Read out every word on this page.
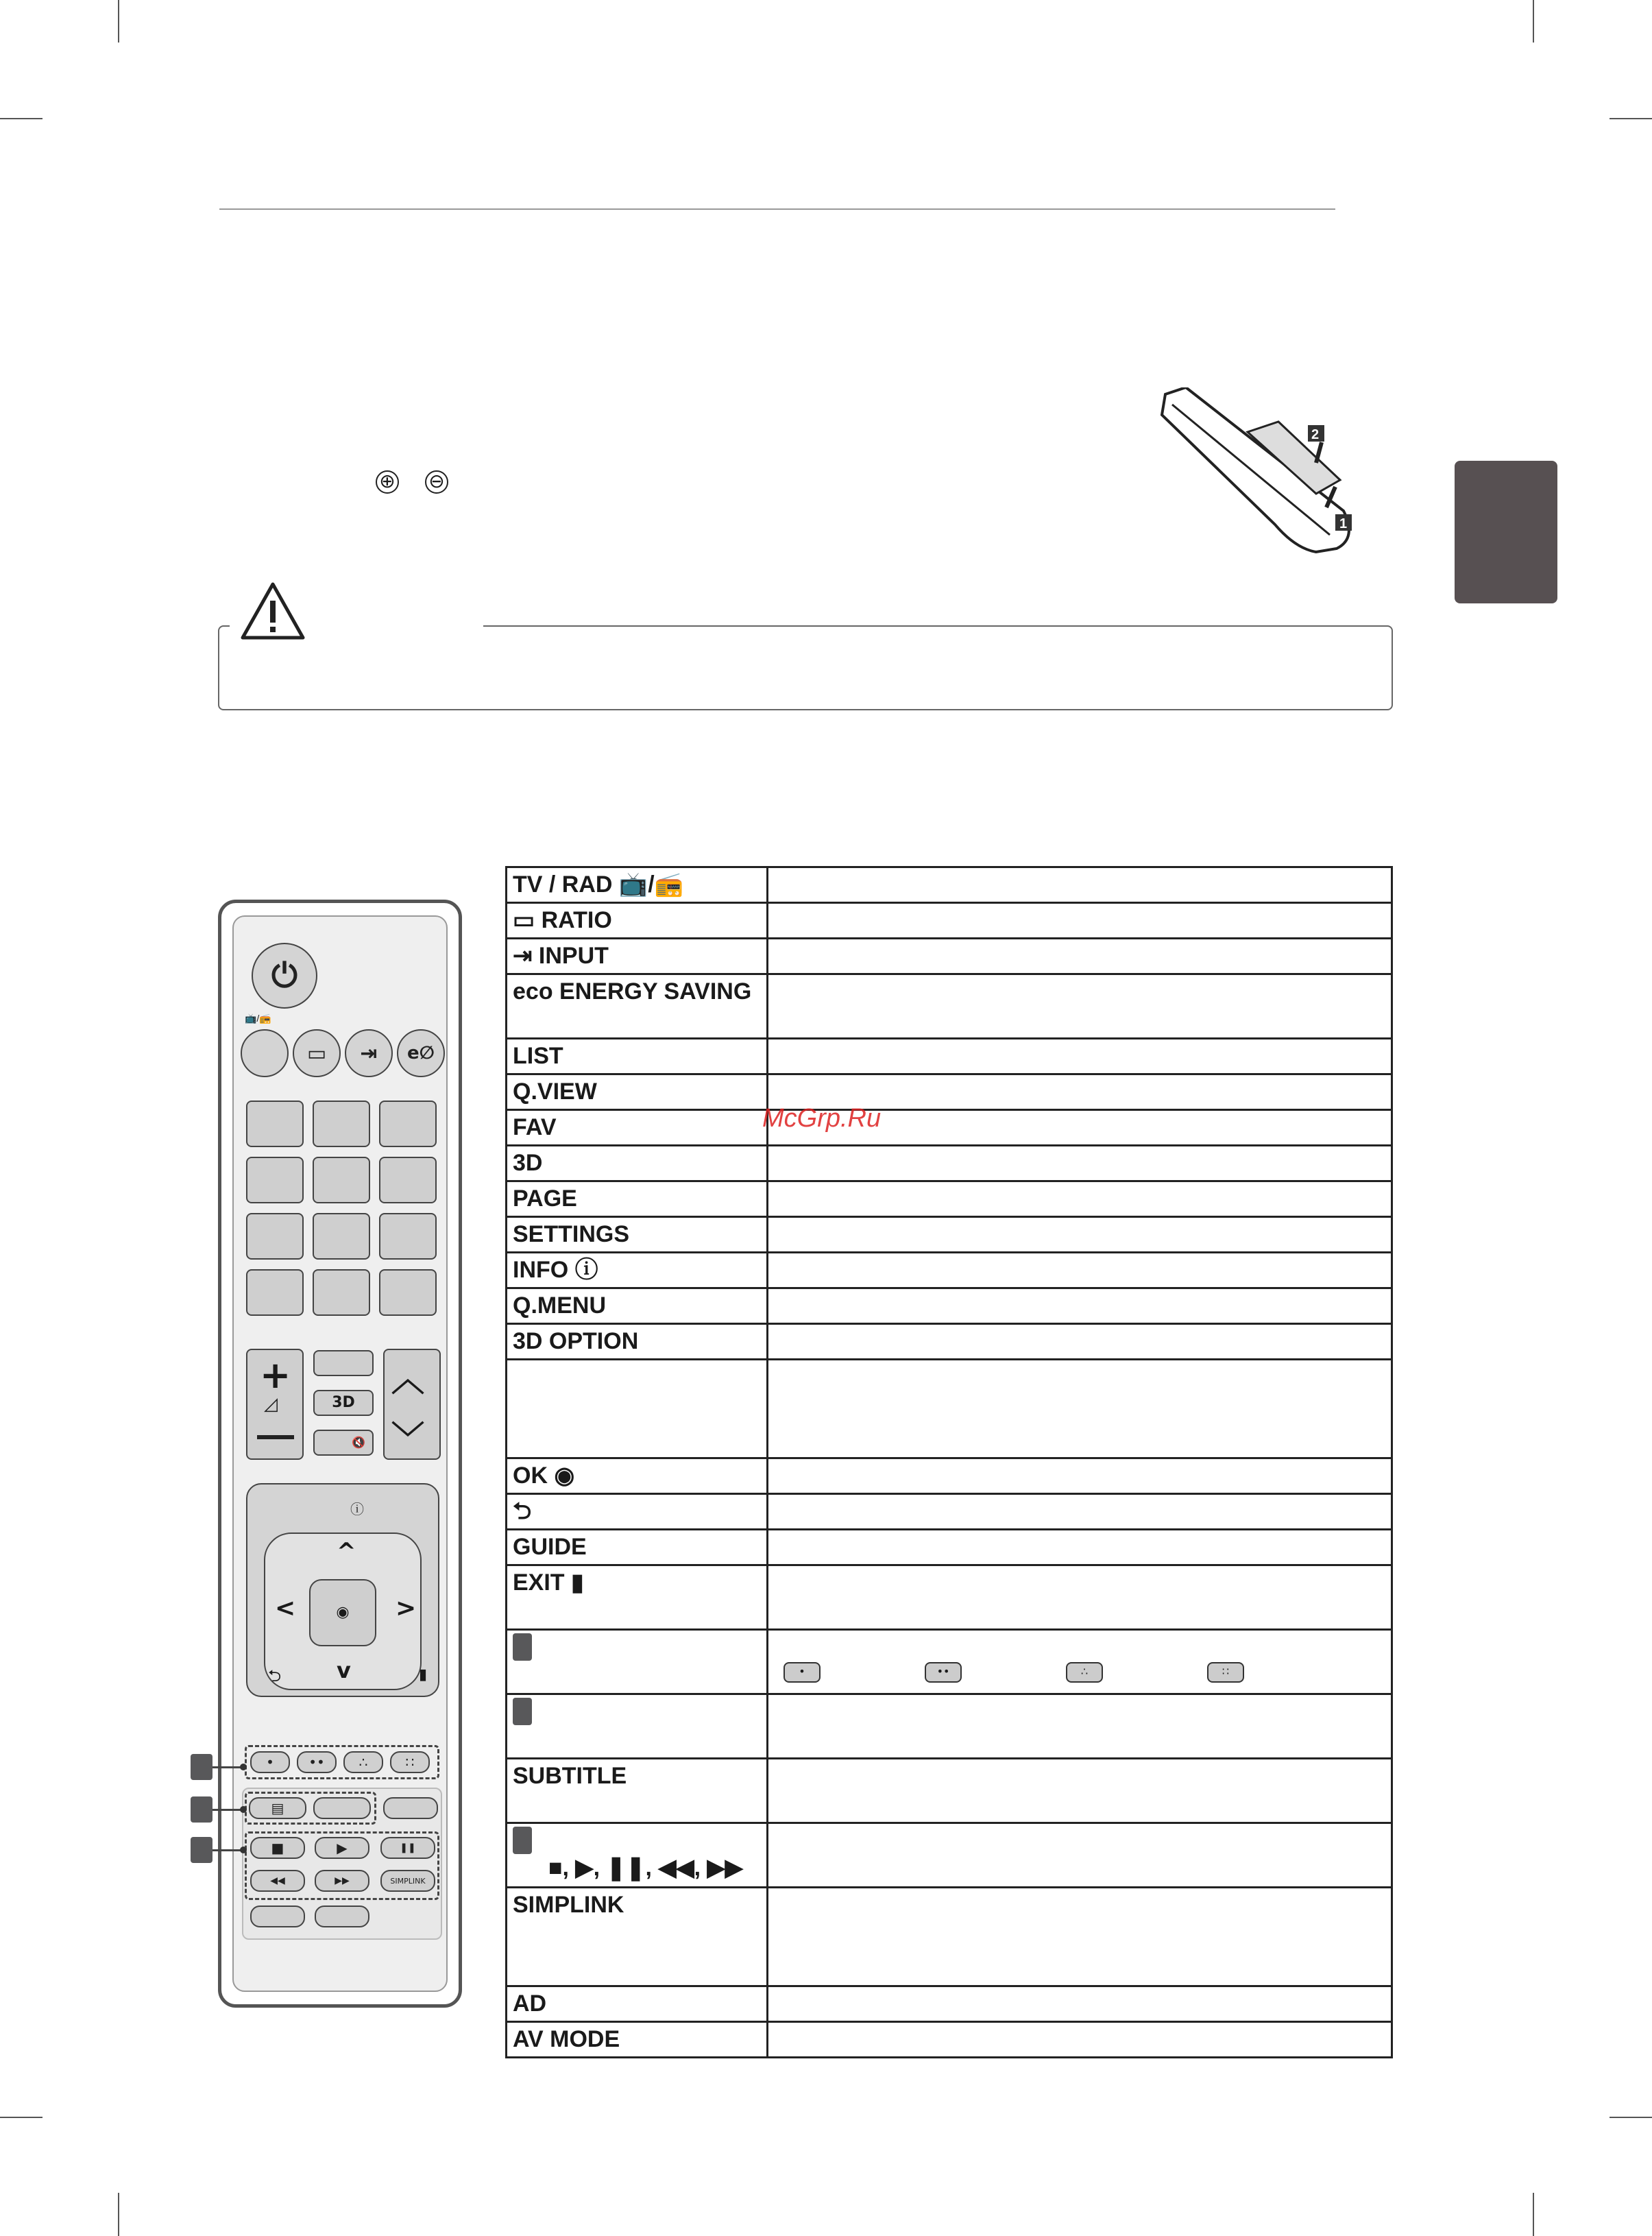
⊕ ⊖
2
1
⏻
📺/📻
▭	⇥	e∅
+
◿	3D
🔇
︿
﹀
ⓘ
^
v
<	>
◉
⮌	▮
•	••	∴	∷
▤
■	▶	❚❚
◀◀	▶▶	SIMPLINK
TV / RAD 📺/📻	
▭ RATIO	
⇥ INPUT	
eco ENERGY SAVING	
LIST	
Q.VIEW	
FAV	
3D	
PAGE	
SETTINGS	
INFO ⓘ	
Q.MENU	
3D OPTION	

OK ◉	
⮌	
GUIDE	
EXIT ▮	

	• •• ∴ ∷

SUBTITLE	

■, ▶, ❚❚, ◀◀, ▶▶	
SIMPLINK	
AD	
AV MODE	
McGrp.Ru
